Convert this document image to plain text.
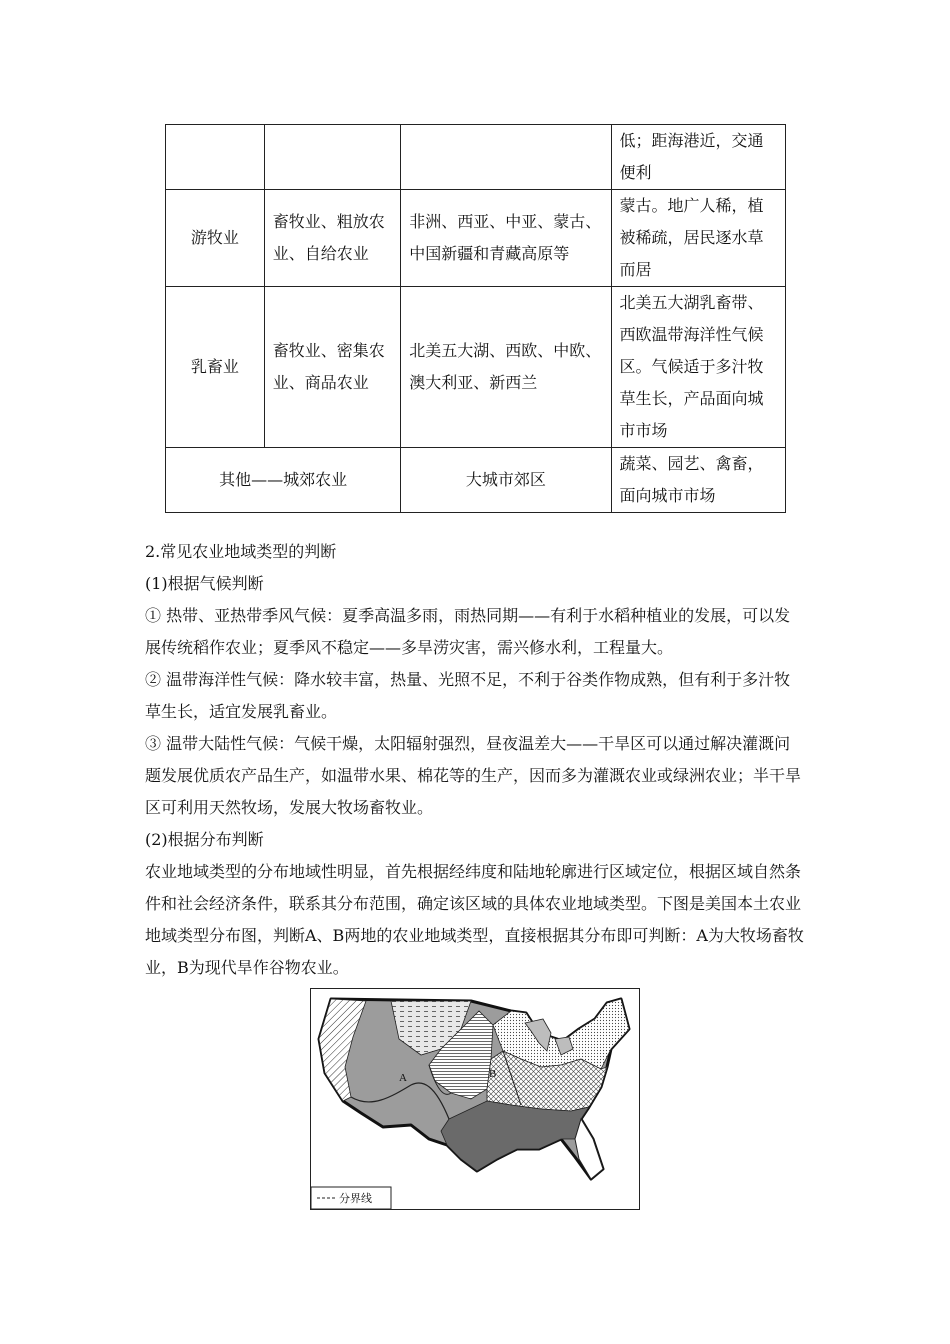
			低；距海港近，交通便利
游牧业	畜牧业、粗放农业、自给农业	非洲、西亚、中亚、蒙古、中国新疆和青藏高原等	蒙古。地广人稀，植被稀疏，居民逐水草而居
乳畜业	畜牧业、密集农业、商品农业	北美五大湖、西欧、中欧、澳大利亚、新西兰	北美五大湖乳畜带、西欧温带海洋性气候区。气候适于多汁牧草生长，产品面向城市市场
其他——城郊农业		大城市郊区	蔬菜、园艺、禽畜，面向城市市场

2.常见农业地域类型的判断

(1)根据气候判断

① 热带、亚热带季风气候：夏季高温多雨，雨热同期——有利于水稻种植业的发展，可以发展传统稻作农业；夏季风不稳定——多旱涝灾害，需兴修水利，工程量大。

② 温带海洋性气候：降水较丰富，热量、光照不足，不利于谷类作物成熟，但有利于多汁牧草生长，适宜发展乳畜业。

③ 温带大陆性气候：气候干燥，太阳辐射强烈，昼夜温差大——干旱区可以通过解决灌溉问题发展优质农产品生产，如温带水果、棉花等的生产，因而多为灌溉农业或绿洲农业；半干旱区可利用天然牧场，发展大牧场畜牧业。

(2)根据分布判断

农业地域类型的分布地域性明显，首先根据经纬度和陆地轮廓进行区域定位，根据区域自然条件和社会经济条件，联系其分布范围，确定该区域的具体农业地域类型。下图是美国本土农业地域类型分布图，判断A、B两地的农业地域类型，直接根据其分布即可判断：A为大牧场畜牧业，B为现代旱作谷物农业。

A	B
分界线
